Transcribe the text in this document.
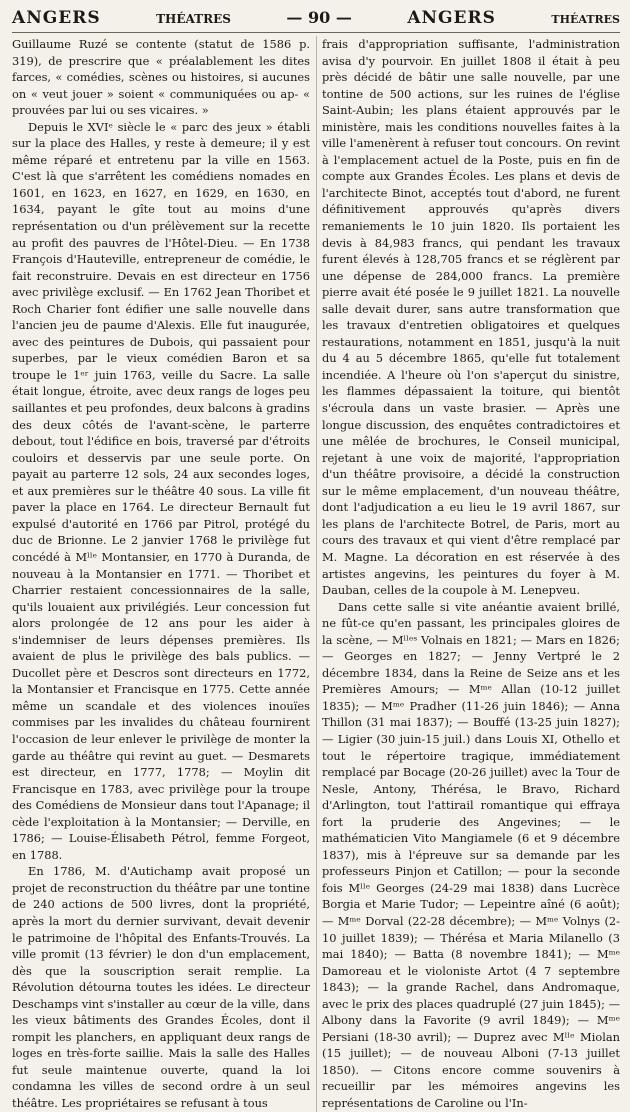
ANGERS	THÉATRES	— 90 —	ANGERS	THÉATRES

Guillaume Ruzé se contente (statut de 1586 p. 319), de prescrire que « préalablement les dites farces, « comédies, scènes ou histoires, si aucunes on « veut jouer » soient « communiquées ou ap- « prouvées par lui ou ses vicaires. »

Depuis le XVIᵉ siècle le « parc des jeux » établi sur la place des Halles, y reste à demeure; il y est même réparé et entretenu par la ville en 1563. C'est là que s'arrêtent les comédiens nomades en 1601, en 1623, en 1627, en 1629, en 1630, en 1634, payant le gîte tout au moins d'une représentation ou d'un prélèvement sur la recette au profit des pauvres de l'Hôtel-Dieu. — En 1738 François d'Hauteville, entrepreneur de comédie, le fait reconstruire. Devais en est directeur en 1756 avec privilège exclusif. — En 1762 Jean Thoribet et Roch Charier font édifier une salle nouvelle dans l'ancien jeu de paume d'Alexis. Elle fut inaugurée, avec des peintures de Dubois, qui passaient pour superbes, par le vieux comédien Baron et sa troupe le 1ᵉʳ juin 1763, veille du Sacre. La salle était longue, étroite, avec deux rangs de loges peu saillantes et peu profondes, deux balcons à gradins des deux côtés de l'avant-scène, le parterre debout, tout l'édifice en bois, traversé par d'étroits couloirs et desservis par une seule porte. On payait au parterre 12 sols, 24 aux secondes loges, et aux premières sur le théâtre 40 sous. La ville fit paver la place en 1764. Le directeur Bernault fut expulsé d'autorité en 1766 par Pitrol, protégé du duc de Brionne. Le 2 janvier 1768 le privilège fut concédé à Mˡˡᵉ Montansier, en 1770 à Duranda, de nouveau à la Montansier en 1771. — Thoribet et Charrier restaient concessionnaires de la salle, qu'ils louaient aux privilégiés. Leur concession fut alors prolongée de 12 ans pour les aider à s'indemniser de leurs dépenses premières. Ils avaient de plus le privilège des bals publics. — Ducollet père et Descros sont directeurs en 1772, la Montansier et Francisque en 1775. Cette année même un scandale et des violences inouïes commises par les invalides du château fournirent l'occasion de leur enlever le privilège de monter la garde au théâtre qui revint au guet. — Desmarets est directeur, en 1777, 1778; — Moylin dit Francisque en 1783, avec privilège pour la troupe des Comédiens de Monsieur dans tout l'Apanage; il cède l'exploitation à la Montansier; — Derville, en 1786; — Louise-Élisabeth Pétrol, femme Forgeot, en 1788.

En 1786, M. d'Autichamp avait proposé un projet de reconstruction du théâtre par une tontine de 240 actions de 500 livres, dont la propriété, après la mort du dernier survivant, devait devenir le patrimoine de l'hôpital des Enfants-Trouvés. La ville promit (13 février) le don d'un emplacement, dès que la souscription serait remplie. La Révolution détourna toutes les idées. Le directeur Deschamps vint s'installer au cœur de la ville, dans les vieux bâtiments des Grandes Écoles, dont il rompit les planchers, en appliquant deux rangs de loges en très-forte saillie. Mais la salle des Halles fut seule maintenue ouverte, quand la loi condamna les villes de second ordre à un seul théâtre. Les propriétaires se refusant à tous

frais d'appropriation suffisante, l'administration avisa d'y pourvoir. En juillet 1808 il était à peu près décidé de bâtir une salle nouvelle, par une tontine de 500 actions, sur les ruines de l'église Saint-Aubin; les plans étaient approuvés par le ministère, mais les conditions nouvelles faites à la ville l'amenèrent à refuser tout concours. On revint à l'emplacement actuel de la Poste, puis en fin de compte aux Grandes Écoles. Les plans et devis de l'architecte Binot, acceptés tout d'abord, ne furent définitivement approuvés qu'après divers remaniements le 10 juin 1820. Ils portaient les devis à 84,983 francs, qui pendant les travaux furent élevés à 128,705 francs et se réglèrent par une dépense de 284,000 francs. La première pierre avait été posée le 9 juillet 1821. La nouvelle salle devait durer, sans autre transformation que les travaux d'entretien obligatoires et quelques restaurations, notamment en 1851, jusqu'à la nuit du 4 au 5 décembre 1865, qu'elle fut totalement incendiée. A l'heure où l'on s'aperçut du sinistre, les flammes dépassaient la toiture, qui bientôt s'écroula dans un vaste brasier. — Après une longue discussion, des enquêtes contradictoires et une mêlée de brochures, le Conseil municipal, rejetant à une voix de majorité, l'appropriation d'un théâtre provisoire, a décidé la construction sur le même emplacement, d'un nouveau théâtre, dont l'adjudication a eu lieu le 19 avril 1867, sur les plans de l'architecte Botrel, de Paris, mort au cours des travaux et qui vient d'être remplacé par M. Magne. La décoration en est réservée à des artistes angevins, les peintures du foyer à M. Dauban, celles de la coupole à M. Lenepveu.

Dans cette salle si vite anéantie avaient brillé, ne fût-ce qu'en passant, les principales gloires de la scène, — Mˡˡᵉˢ Volnais en 1821; — Mars en 1826; — Georges en 1827; — Jenny Vertpré le 2 décembre 1834, dans la Reine de Seize ans et les Premières Amours; — Mᵐᵉ Allan (10-12 juillet 1835); — Mᵐᵉ Pradher (11-26 juin 1846); — Anna Thillon (31 mai 1837); — Bouffé (13-25 juin 1827); — Ligier (30 juin-15 juil.) dans Louis XI, Othello et tout le répertoire tragique, immédiatement remplacé par Bocage (20-26 juillet) avec la Tour de Nesle, Antony, Thérésa, le Bravo, Richard d'Arlington, tout l'attirail romantique qui effraya fort la pruderie des Angevines; — le mathématicien Vito Mangiamele (6 et 9 décembre 1837), mis à l'épreuve sur sa demande par les professeurs Pinjon et Catillon; — pour la seconde fois Mˡˡᵉ Georges (24-29 mai 1838) dans Lucrèce Borgia et Marie Tudor; — Lepeintre aîné (6 août); — Mᵐᵉ Dorval (22-28 décembre); — Mᵐᵉ Volnys (2-10 juillet 1839); — Thérésa et Maria Milanello (3 mai 1840); — Batta (8 novembre 1841); — Mᵐᵉ Damoreau et le violoniste Artot (4 7 septembre 1843); — la grande Rachel, dans Andromaque, avec le prix des places quadruplé (27 juin 1845); — Albony dans la Favorite (9 avril 1849); — Mᵐᵉ Persiani (18-30 avril); — Duprez avec Mˡˡᵉ Miolan (15 juillet); — de nouveau Alboni (7-13 juillet 1850). — Citons encore comme souvenirs à recueillir par les mémoires angevins les représentations de Caroline ou l'In-
